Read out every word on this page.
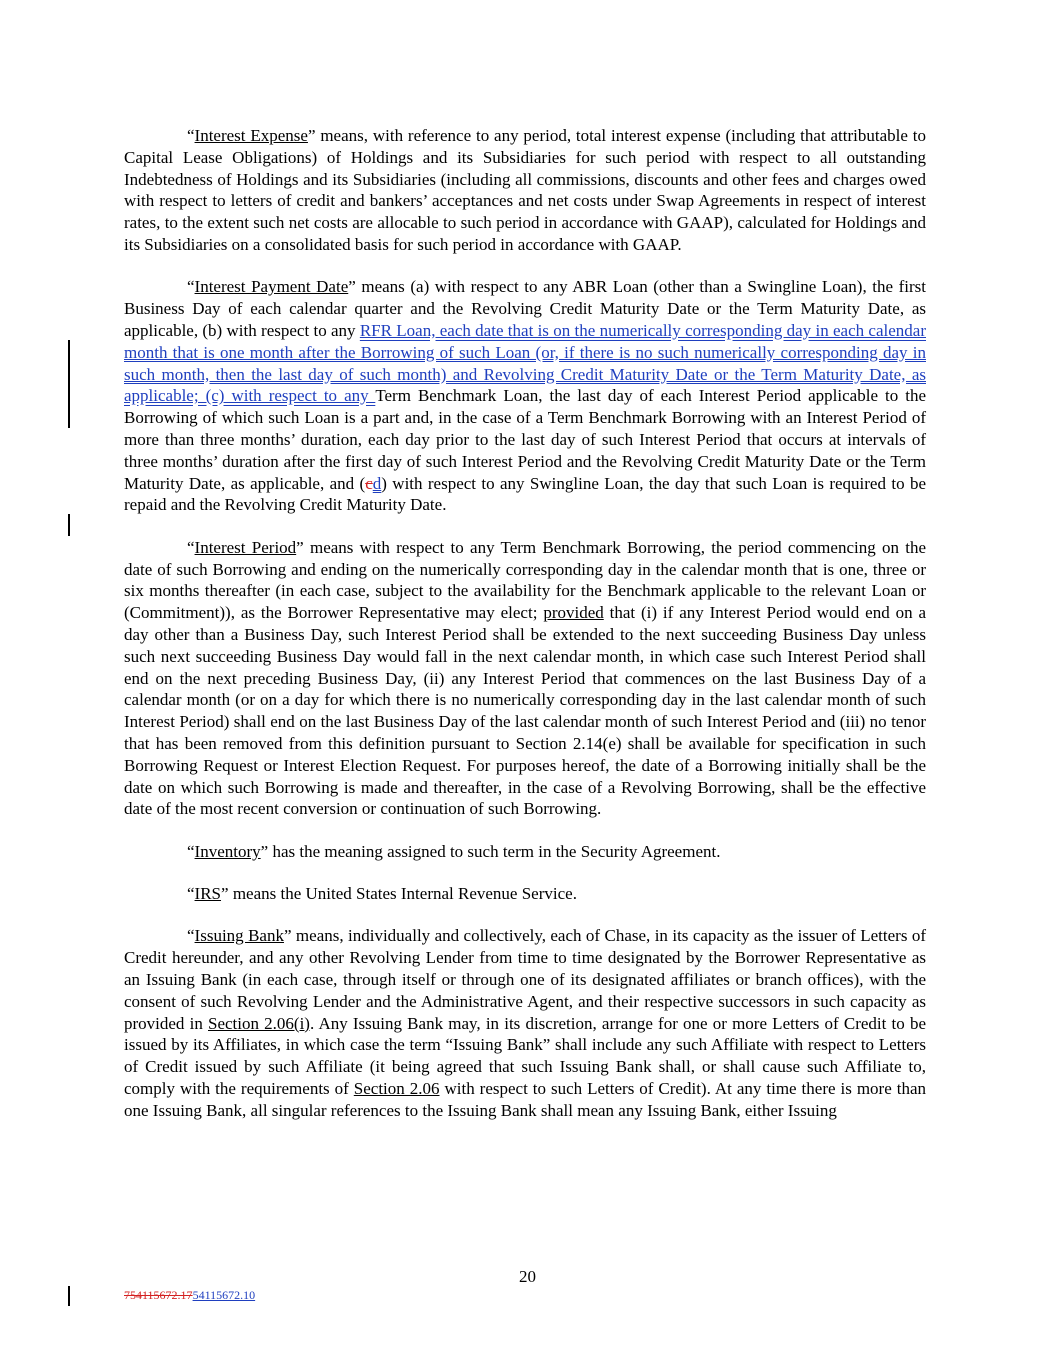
“Interest Expense” means, with reference to any period, total interest expense (including that attributable to Capital Lease Obligations) of Holdings and its Subsidiaries for such period with respect to all outstanding Indebtedness of Holdings and its Subsidiaries (including all commissions, discounts and other fees and charges owed with respect to letters of credit and bankers’ acceptances and net costs under Swap Agreements in respect of interest rates, to the extent such net costs are allocable to such period in accordance with GAAP), calculated for Holdings and its Subsidiaries on a consolidated basis for such period in accordance with GAAP.

“Interest Payment Date” means (a) with respect to any ABR Loan (other than a Swingline Loan), the first Business Day of each calendar quarter and the Revolving Credit Maturity Date or the Term Maturity Date, as applicable, (b) with respect to any RFR Loan, each date that is on the numerically corresponding day in each calendar month that is one month after the Borrowing of such Loan (or, if there is no such numerically corresponding day in such month, then the last day of such month) and Revolving Credit Maturity Date or the Term Maturity Date, as applicable; (c) with respect to any Term Benchmark Loan, the last day of each Interest Period applicable to the Borrowing of which such Loan is a part and, in the case of a Term Benchmark Borrowing with an Interest Period of more than three months’ duration, each day prior to the last day of such Interest Period that occurs at intervals of three months’ duration after the first day of such Interest Period and the Revolving Credit Maturity Date or the Term Maturity Date, as applicable, and (cd) with respect to any Swingline Loan, the day that such Loan is required to be repaid and the Revolving Credit Maturity Date.

“Interest Period” means with respect to any Term Benchmark Borrowing, the period commencing on the date of such Borrowing and ending on the numerically corresponding day in the calendar month that is one, three or six months thereafter (in each case, subject to the availability for the Benchmark applicable to the relevant Loan or (Commitment)), as the Borrower Representative may elect; provided that (i) if any Interest Period would end on a day other than a Business Day, such Interest Period shall be extended to the next succeeding Business Day unless such next succeeding Business Day would fall in the next calendar month, in which case such Interest Period shall end on the next preceding Business Day, (ii) any Interest Period that commences on the last Business Day of a calendar month (or on a day for which there is no numerically corresponding day in the last calendar month of such Interest Period) shall end on the last Business Day of the last calendar month of such Interest Period and (iii) no tenor that has been removed from this definition pursuant to Section 2.14(e) shall be available for specification in such Borrowing Request or Interest Election Request. For purposes hereof, the date of a Borrowing initially shall be the date on which such Borrowing is made and thereafter, in the case of a Revolving Borrowing, shall be the effective date of the most recent conversion or continuation of such Borrowing.

“Inventory” has the meaning assigned to such term in the Security Agreement.

“IRS” means the United States Internal Revenue Service.

“Issuing Bank” means, individually and collectively, each of Chase, in its capacity as the issuer of Letters of Credit hereunder, and any other Revolving Lender from time to time designated by the Borrower Representative as an Issuing Bank (in each case, through itself or through one of its designated affiliates or branch offices), with the consent of such Revolving Lender and the Administrative Agent, and their respective successors in such capacity as provided in Section 2.06(i). Any Issuing Bank may, in its discretion, arrange for one or more Letters of Credit to be issued by its Affiliates, in which case the term “Issuing Bank” shall include any such Affiliate with respect to Letters of Credit issued by such Affiliate (it being agreed that such Issuing Bank shall, or shall cause such Affiliate to, comply with the requirements of Section 2.06 with respect to such Letters of Credit). At any time there is more than one Issuing Bank, all singular references to the Issuing Bank shall mean any Issuing Bank, either Issuing

20
754115672.1754115672.10
